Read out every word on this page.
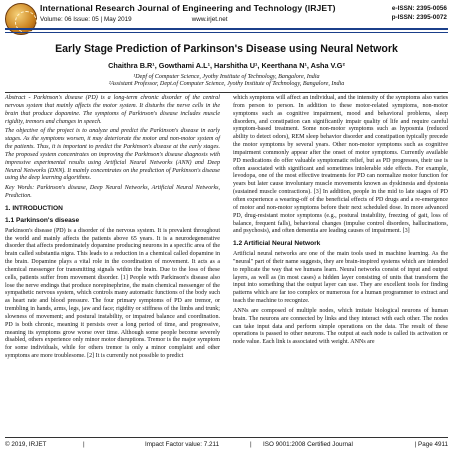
International Research Journal of Engineering and Technology (IRJET)
Volume: 06 Issue: 05 | May 2019	www.irjet.net
e-ISSN: 2395-0056
p-ISSN: 2395-0072
Early Stage Prediction of Parkinson's Disease using Neural Network
Chaithra B.R¹, Gowthami A.L¹, Harshitha U¹, Keerthana N¹, Asha V.G²
¹Depf of Computer Science, Jyothy Institute of Technology, Bangalore, India
²Assistant Professor, Dept.of Computer Science, Jyothy Institute of Technology, Bangalore, India

Abstract - Parkinson's disease (PD) is a long-term chronic disorder of the central nervous system that mainly affects the motor system. It disturbs the nerve cells in the brain that produce dopamine. The symptoms of Parkinson's disease includes muscle rigidity, tremors and changes in speech.

The objective of the project is to analyze and predict the Parkinson's disease in early stages. As the symptoms worsen, it may deteriorate the motor and non-motor system of the patients. Thus, it is important to predict the Parkinson's disease at the early stages. The proposed system concentrates on improving the Parkinson's disease diagnosis with impressive experimental results using Artificial Neural Networks (ANN) and Deep Neural Networks (DNN). It mainly concentrates on the prediction of Parkinson's disease using the deep learning algorithms.

Key Words: Parkinson's disease, Deep Neural Networks, Artificial Neural Networks, Prediction.

1. INTRODUCTION
1.1 Parkinson's disease

Parkinson's disease (PD) is a disorder of the nervous system. It is prevalent throughout the world and mainly affects the patients above 65 years. It is a neurodegenerative disorder that affects predominately dopamine producing neurons in a specific area of the brain called substantia nigra. This leads to a reduction in a chemical called dopamine in the brain. Dopamine plays a vital role in the coordination of movement. It acts as a chemical messenger for transmitting signals within the brain. Due to the loss of these cells, patients suffer from movement disorder. [1] People with Parkinson's disease also lose the nerve endings that produce norepinephrine, the main chemical messenger of the sympathetic nervous system, which controls many automatic functions of the body such as heart rate and blood pressure. The four primary symptoms of PD are tremor, or trembling in hands, arms, legs, jaw and face; rigidity or stiffness of the limbs and trunk; slowness of movement; and postural instability, or impaired balance and coordination. PD is both chronic, meaning it persists over a long period of time, and progressive, meaning its symptoms grow worse over time. Although some people become severely disabled, others experience only minor motor disruptions. Tremor is the major symptom for some individuals, while for others tremor is only a minor complaint and other symptoms are more troublesome. [2] It is currently not possible to predict

which symptoms will affect an individual, and the intensity of the symptoms also varies from person to person. In addition to these motor-related symptoms, non-motor symptoms such as cognitive impairment, mood and behavioral problems, sleep disorders, and constipation can significantly impair quality of life and require careful symptom-based treatment. Some non-motor symptoms such as hyposmia (reduced ability to detect odors), REM sleep behavior disorder and constipation typically precede the motor symptoms by several years. Other non-motor symptoms such as cognitive impairment commonly appear after the onset of motor symptoms. Currently available PD medications do offer valuable symptomatic relief, but as PD progresses, their use is often associated with significant and sometimes intolerable side effects. For example, levodopa, one of the most effective treatments for PD can normalize motor function for years but later cause involuntary muscle movements known as dyskinesia and dystonia (sustained muscle contractions). [3] In addition, people in the mid to late stages of PD often experience a wearing-off of the beneficial effects of PD drugs and a re-emergence of motor and non-motor symptoms before their next scheduled dose. In more advanced PD, drug-resistant motor symptoms (e.g., postural instability, freezing of gait, loss of balance, frequent falls), behavioral changes (impulse control disorders, hallucinations, and psychosis), and often dementia are leading causes of impairment. [3]

1.2 Artificial Neural Network

Artificial neural networks are one of the main tools used in machine learning. As the "neural" part of their name suggests, they are brain-inspired systems which are intended to replicate the way that we humans learn. Neural networks consist of input and output layers, as well as (in most cases) a hidden layer consisting of units that transform the input into something that the output layer can use. They are excellent tools for finding patterns which are far too complex or numerous for a human programmer to extract and teach the machine to recognize.

ANNs are composed of multiple nodes, which imitate biological neurons of human brain. The neurons are connected by links and they interact with each other. The nodes can take input data and perform simple operations on the data. The result of these operations is passed to other neurons. The output at each node is called its activation or node value. Each link is associated with weight. ANNs are

© 2019, IRJET	|	Impact Factor value: 7.211	| ISO 9001:2008 Certified Journal	| Page 4911
